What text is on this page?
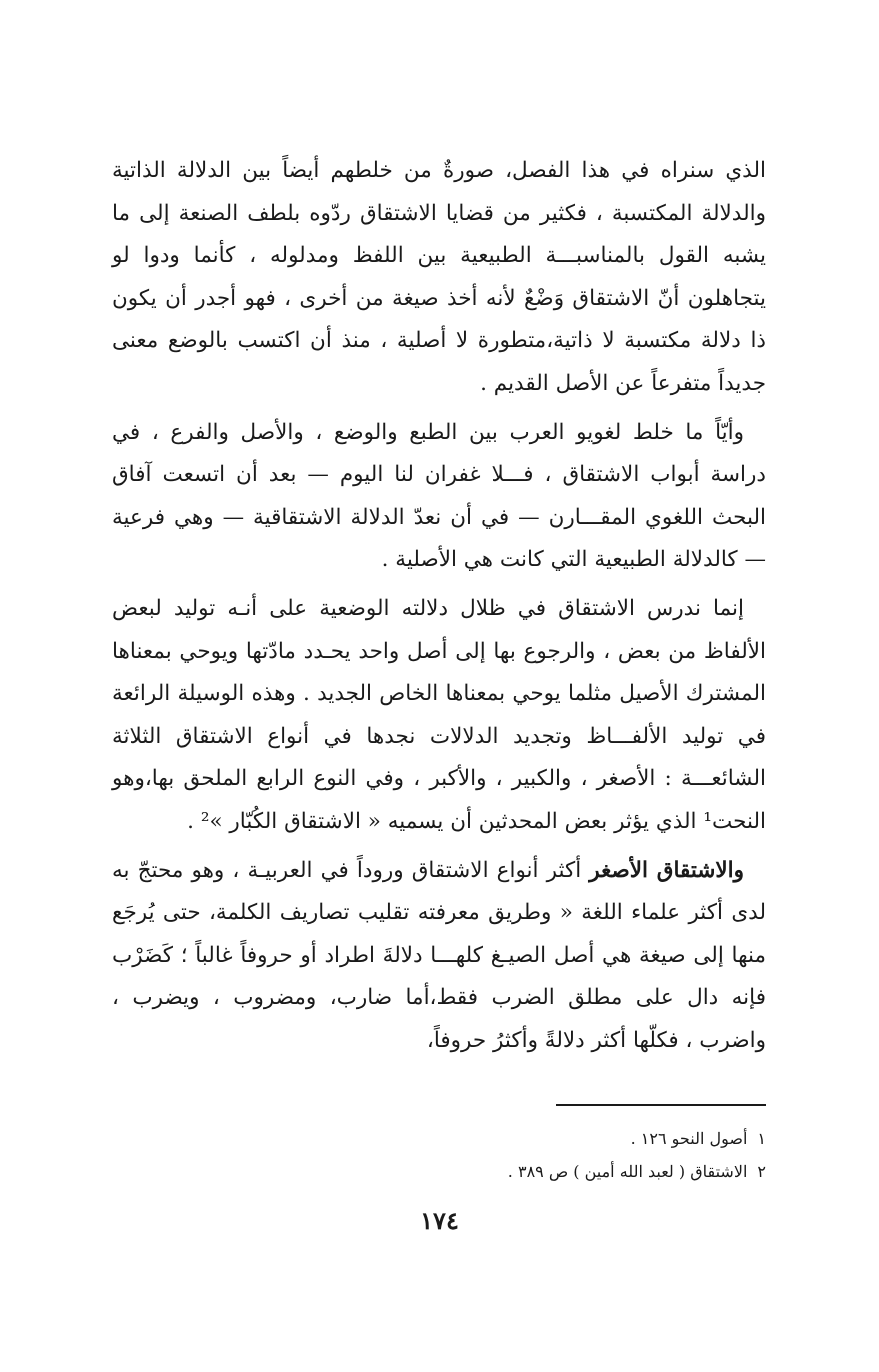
الذي سنراه في هذا الفصل، صورةٌ من خلطهم أيضاً بين الدلالة الذاتية والدلالة المكتسبة ، فكثير من قضايا الاشتقاق ردّوه بلطف الصنعة إلى ما يشبه القول بالمناسبـــة الطبيعية بين اللفظ ومدلوله ، كأنما ودوا لو يتجاهلون أنّ الاشتقاق وَضْعٌ لأنه أخذ صيغة من أخرى ، فهو أجدر أن يكون ذا دلالة مكتسبة لا ذاتية،متطورة لا أصلية ، منذ أن اكتسب بالوضع معنى جديداً متفرعاً عن الأصل القديم .

وأيّاً ما خلط لغويو العرب بين الطبع والوضع ، والأصل والفرع ، في دراسة أبواب الاشتقاق ، فـــلا غفران لنا اليوم — بعد أن اتسعت آفاق البحث اللغوي المقـــارن — في أن نعدّ الدلالة الاشتقاقية — وهي فرعية — كالدلالة الطبيعية التي كانت هي الأصلية .

إنما ندرس الاشتقاق في ظلال دلالته الوضعية على أنـه توليد لبعض الألفاظ من بعض ، والرجوع بها إلى أصل واحد يحـدد مادّتها ويوحي بمعناها المشترك الأصيل مثلما يوحي بمعناها الخاص الجديد . وهذه الوسيلة الرائعة في توليد الألفـــاظ وتجديد الدلالات نجدها في أنواع الاشتقاق الثلاثة الشائعـــة : الأصغر ، والكبير ، والأكبر ، وفي النوع الرابع الملحق بها،وهو النحت¹ الذي يؤثر بعض المحدثين أن يسميه « الاشتقاق الكُبّار »² .

والاشتقاق الأصغر أكثر أنواع الاشتقاق وروداً في العربيـة ، وهو محتجّ به لدى أكثر علماء اللغة « وطريق معرفته تقليب تصاريف الكلمة، حتى يُرجَع منها إلى صيغة هي أصل الصيـغ كلهـــا دلالةَ اطراد أو حروفاً غالباً ؛ كَضَرْب فإنه دال على مطلق الضرب فقط،أما ضارب، ومضروب ، ويضرب ، واضرب ، فكلّها أكثر دلالةً وأكثرُ حروفاً،

١أصول النحو ١٢٦ .
٢الاشتقاق ( لعبد الله أمين ) ص ٣٨٩ .
١٧٤
